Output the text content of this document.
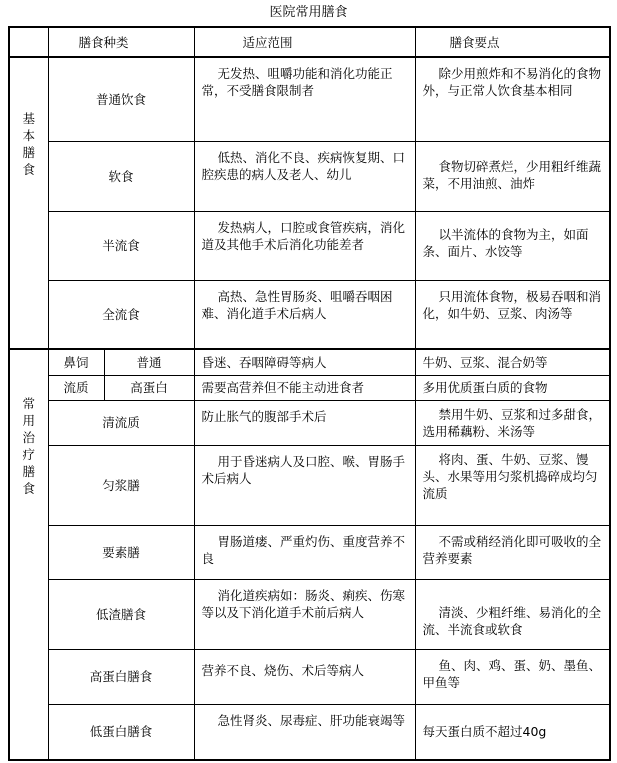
医院常用膳食
	膳食种类		适应范围	膳食要点

基本膳食	普通饮食		无发热、咀嚼功能和消化功能正常，不受膳食限制者	除少用煎炸和不易消化的食物外，与正常人饮食基本相同
	软食		低热、消化不良、疾病恢复期、口腔疾患的病人及老人、幼儿	食物切碎煮烂，少用粗纤维蔬菜，不用油煎、油炸
	半流食		发热病人，口腔或食管疾病，消化道及其他手术后消化功能差者	以半流体的食物为主，如面条、面片、水饺等
	全流食		高热、急性胃肠炎、咀嚼吞咽困难、消化道手术后病人	只用流体食物，极易吞咽和消化，如牛奶、豆浆、肉汤等

常用治疗膳食	鼻饲	普通	昏迷、吞咽障碍等病人	牛奶、豆浆、混合奶等
	流质	高蛋白	需要高营养但不能主动进食者	多用优质蛋白质的食物
	清流质		防止胀气的腹部手术后	禁用牛奶、豆浆和过多甜食，选用稀藕粉、米汤等
	匀浆膳		用于昏迷病人及口腔、喉、胃肠手术后病人	将肉、蛋、牛奶、豆浆、馒头、水果等用匀浆机捣碎成均匀流质
	要素膳		胃肠道瘘、严重灼伤、重度营养不良	不需或稍经消化即可吸收的全营养要素
	低渣膳食		消化道疾病如：肠炎、痢疾、伤寒等以及下消化道手术前后病人	清淡、少粗纤维、易消化的全流、半流食或软食
	高蛋白膳食		营养不良、烧伤、术后等病人	鱼、肉、鸡、蛋、奶、墨鱼、甲鱼等
	低蛋白膳食		急性肾炎、尿毒症、肝功能衰竭等	每天蛋白质不超过40g
